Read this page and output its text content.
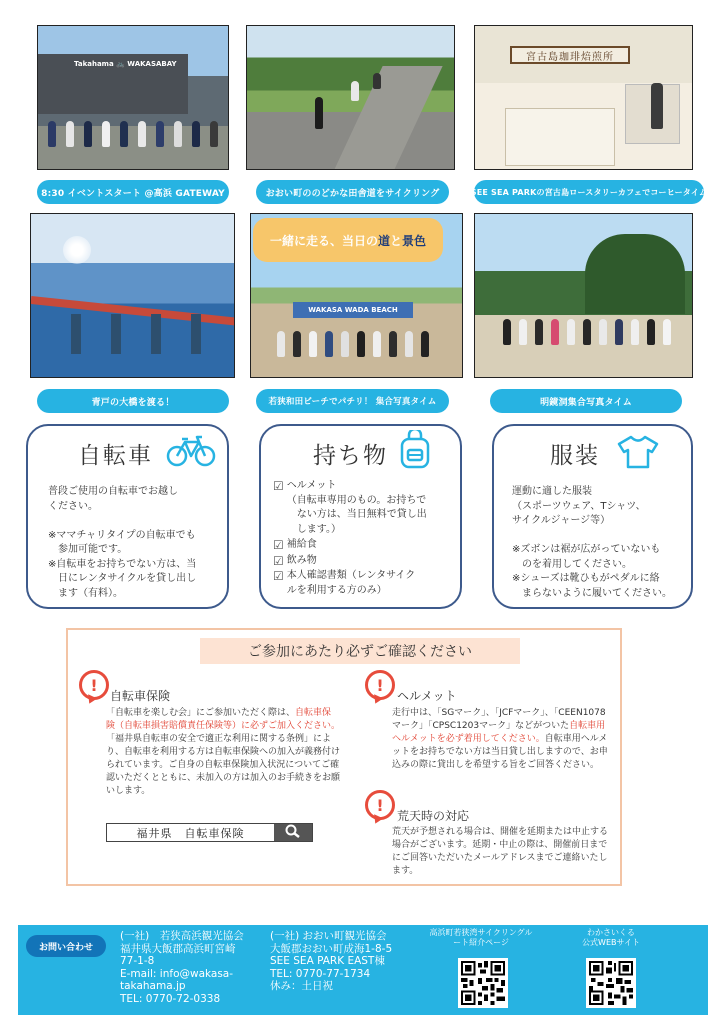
Takahama 🚲 WAKASABAY
8:30 イベントスタート @高浜 GATEWAY	おおい町ののどかな田舎道をサイクリング
宮古島珈琲焙煎所
SEE SEA PARKの宮古島ロースタリーカフェでコーヒータイム
青戸の大橋を渡る！
一緒に走る、当日の 道 と 景色
WAKASA WADA BEACH
若狭和田ビーチでパチリ！ 集合写真タイム	明鏡洞集合写真タイム
自転車
普段ご使用の自転車でお越し
ください。

※ママチャリタイプの自転車でも
　参加可能です。
※自転車をお持ちでない方は、当
　日にレンタサイクルを貸し出し
　ます（有料）。
持ち物
☑ ヘルメット
（自転車専用のもの。お持ちで
　ない方は、当日無料で貸し出
　します。）
☑ 補給食
☑ 飲み物
☑ 本人確認書類（レンタサイク
ルを利用する方のみ）
服装
運動に適した服装
（スポーツウェア、Tシャツ、
サイクルジャージ等）

※ズボンは裾が広がっていないも
　のを着用してください。
※シューズは靴ひもがペダルに絡
　まらないように履いてください。
ご参加にあたり必ずご確認ください
!
自転車保険
「自転車を楽しむ会」にご参加いただく際は、自転車保険（自転車損害賠償責任保険等）に必ずご加入ください。「福井県自転車の安全で適正な利用に関する条例」により、自転車を利用する方は自転車保険への加入が義務付けられています。ご自身の自転車保険加入状況についてご確認いただくとともに、未加入の方は加入のお手続きをお願いします。
福井県　自転車保険
!
ヘルメット
走行中は、「SGマーク」、「JCFマーク」、「CEEN1078マーク」「CPSC1203マーク」などがついた自転車用ヘルメットを必ず着用してください。自転車用ヘルメットをお持ちでない方は当日貸し出しますので、お申込みの際に貸出しを希望する旨をご回答ください。
!
荒天時の対応
荒天が予想される場合は、開催を延期または中止する場合がございます。延期・中止の際は、開催前日までにご回答いただいたメールアドレスまでご連絡いたします。
お問い合わせ
(一社)　若狭高浜観光協会
福井県大飯郡高浜町宮崎
77-1-8
E-mail: info@wakasa-
takahama.jp
TEL: 0770-72-0338
(一社) おおい町観光協会
大飯郡おおい町成海1-8-5
SEE SEA PARK EAST棟
TEL: 0770-77-1734
休み：土日祝
高浜町若狭湾サイクリングル
ート紹介ページ
わかさいくる
公式WEBサイト
